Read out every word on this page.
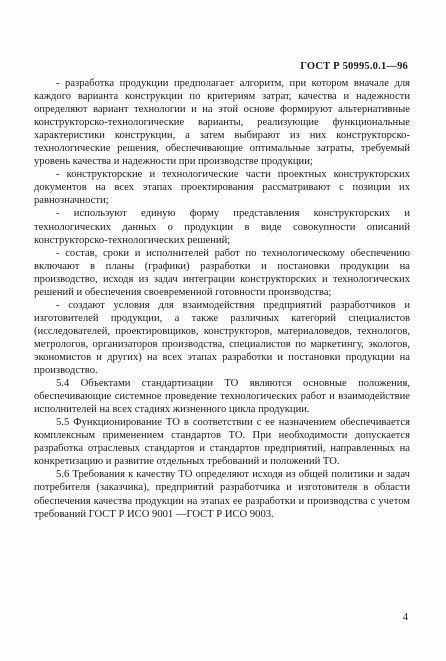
ГОСТ Р 50995.0.1—96

- разработка продукции предполагает алгоритм, при котором вначале для каждого варианта конструкции по критериям затрат, качества и надежности определяют вариант технологии и на этой основе формируют альтернативные конструкторско-технологические варианты, реализующие функциональные характеристики конструкции, а затем выбирают из них конструкторско-технологические решения, обеспечивающие оптимальные затраты, требуемый уровень качества и надежности при производстве продукции;

- конструкторские и технологические части проектных конструкторских документов на всех этапах проектирования рассматривают с позиции их равнозначности;

- используют единую форму представления конструкторских и технологических данных о продукции в виде совокупности описаний конструкторско-технологических решений;

- состав, сроки и исполнителей работ по технологическому обеспечению включают в планы (графики) разработки и постановки продукции на производство, исходя из задач интеграции конструкторских и технологических решений и обеспечения своевременной готовности производства;

- создают условия для взаимодействия предприятий разработчиков и изготовителей продукции, а также различных категорий специалистов (исследователей, проектировщиков, конструкторов, материаловедов, технологов, метрологов, организаторов производства, специалистов по маркетингу, экологов, экономистов и других) на всех этапах разработки и постановки продукции на производство.

5.4 Объектами стандартизации ТО являются основные положения, обеспечивающие системное проведение технологических работ и взаимодействие исполнителей на всех стадиях жизненного цикла продукции.

5.5 Функционирование ТО в соответствии с ее назначением обеспечивается комплексным применением стандартов ТО. При необходимости допускается разработка отраслевых стандартов и стандартов предприятий, направленных на конкретизацию и развитие отдельных требований и положений ТО.

5.6 Требования к качеству ТО определяют исходя из общей политики и задач потребителя (заказчика), предприятий разработчика и изготовителя в области обеспечения качества продукции на этапах ее разработки и производства с учетом требований ГОСТ Р ИСО 9001 —ГОСТ Р ИСО 9003.

4
